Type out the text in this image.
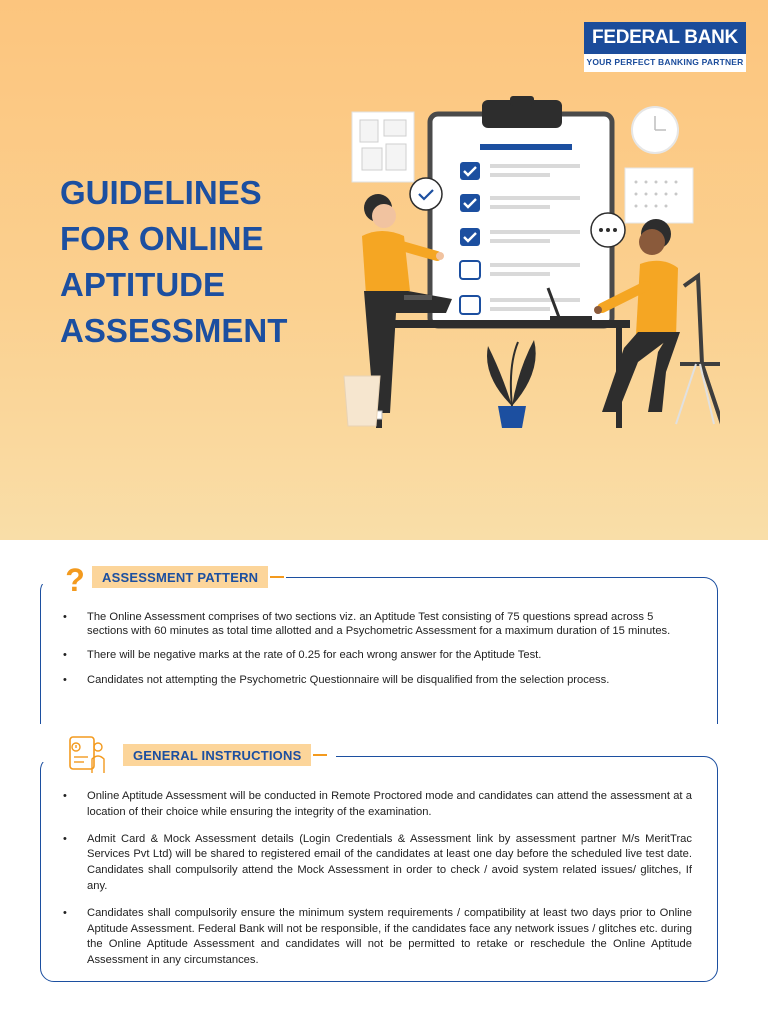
FEDERAL BANK
YOUR PERFECT BANKING PARTNER
GUIDELINES
FOR ONLINE
APTITUDE
ASSESSMENT
?	ASSESSMENT PATTERN
• The Online Assessment comprises of two sections viz. an Aptitude Test consisting of 75 questions spread across 5 sections with 60 minutes as total time allotted and a Psychometric Assessment for a maximum duration of 15 minutes.
• There will be negative marks at the rate of 0.25 for each wrong answer for the Aptitude Test.
• Candidates not attempting the Psychometric Questionnaire will be disqualified from the selection process.
GENERAL INSTRUCTIONS
• Online Aptitude Assessment will be conducted in Remote Proctored mode and candidates can attend the assessment at a location of their choice while ensuring the integrity of the examination.
• Admit Card & Mock Assessment details (Login Credentials & Assessment link by assessment partner M/s MeritTrac Services Pvt Ltd) will be shared to registered email of the candidates at least one day before the scheduled live test date. Candidates shall compulsorily attend the Mock Assessment in order to check / avoid system related issues/ glitches, If any.
• Candidates shall compulsorily ensure the minimum system requirements / compatibility at least two days prior to Online Aptitude Assessment. Federal Bank will not be responsible, if the candidates face any network issues / glitches etc. during the Online Aptitude Assessment and candidates will not be permitted to retake or reschedule the Online Aptitude Assessment in any circumstances.
